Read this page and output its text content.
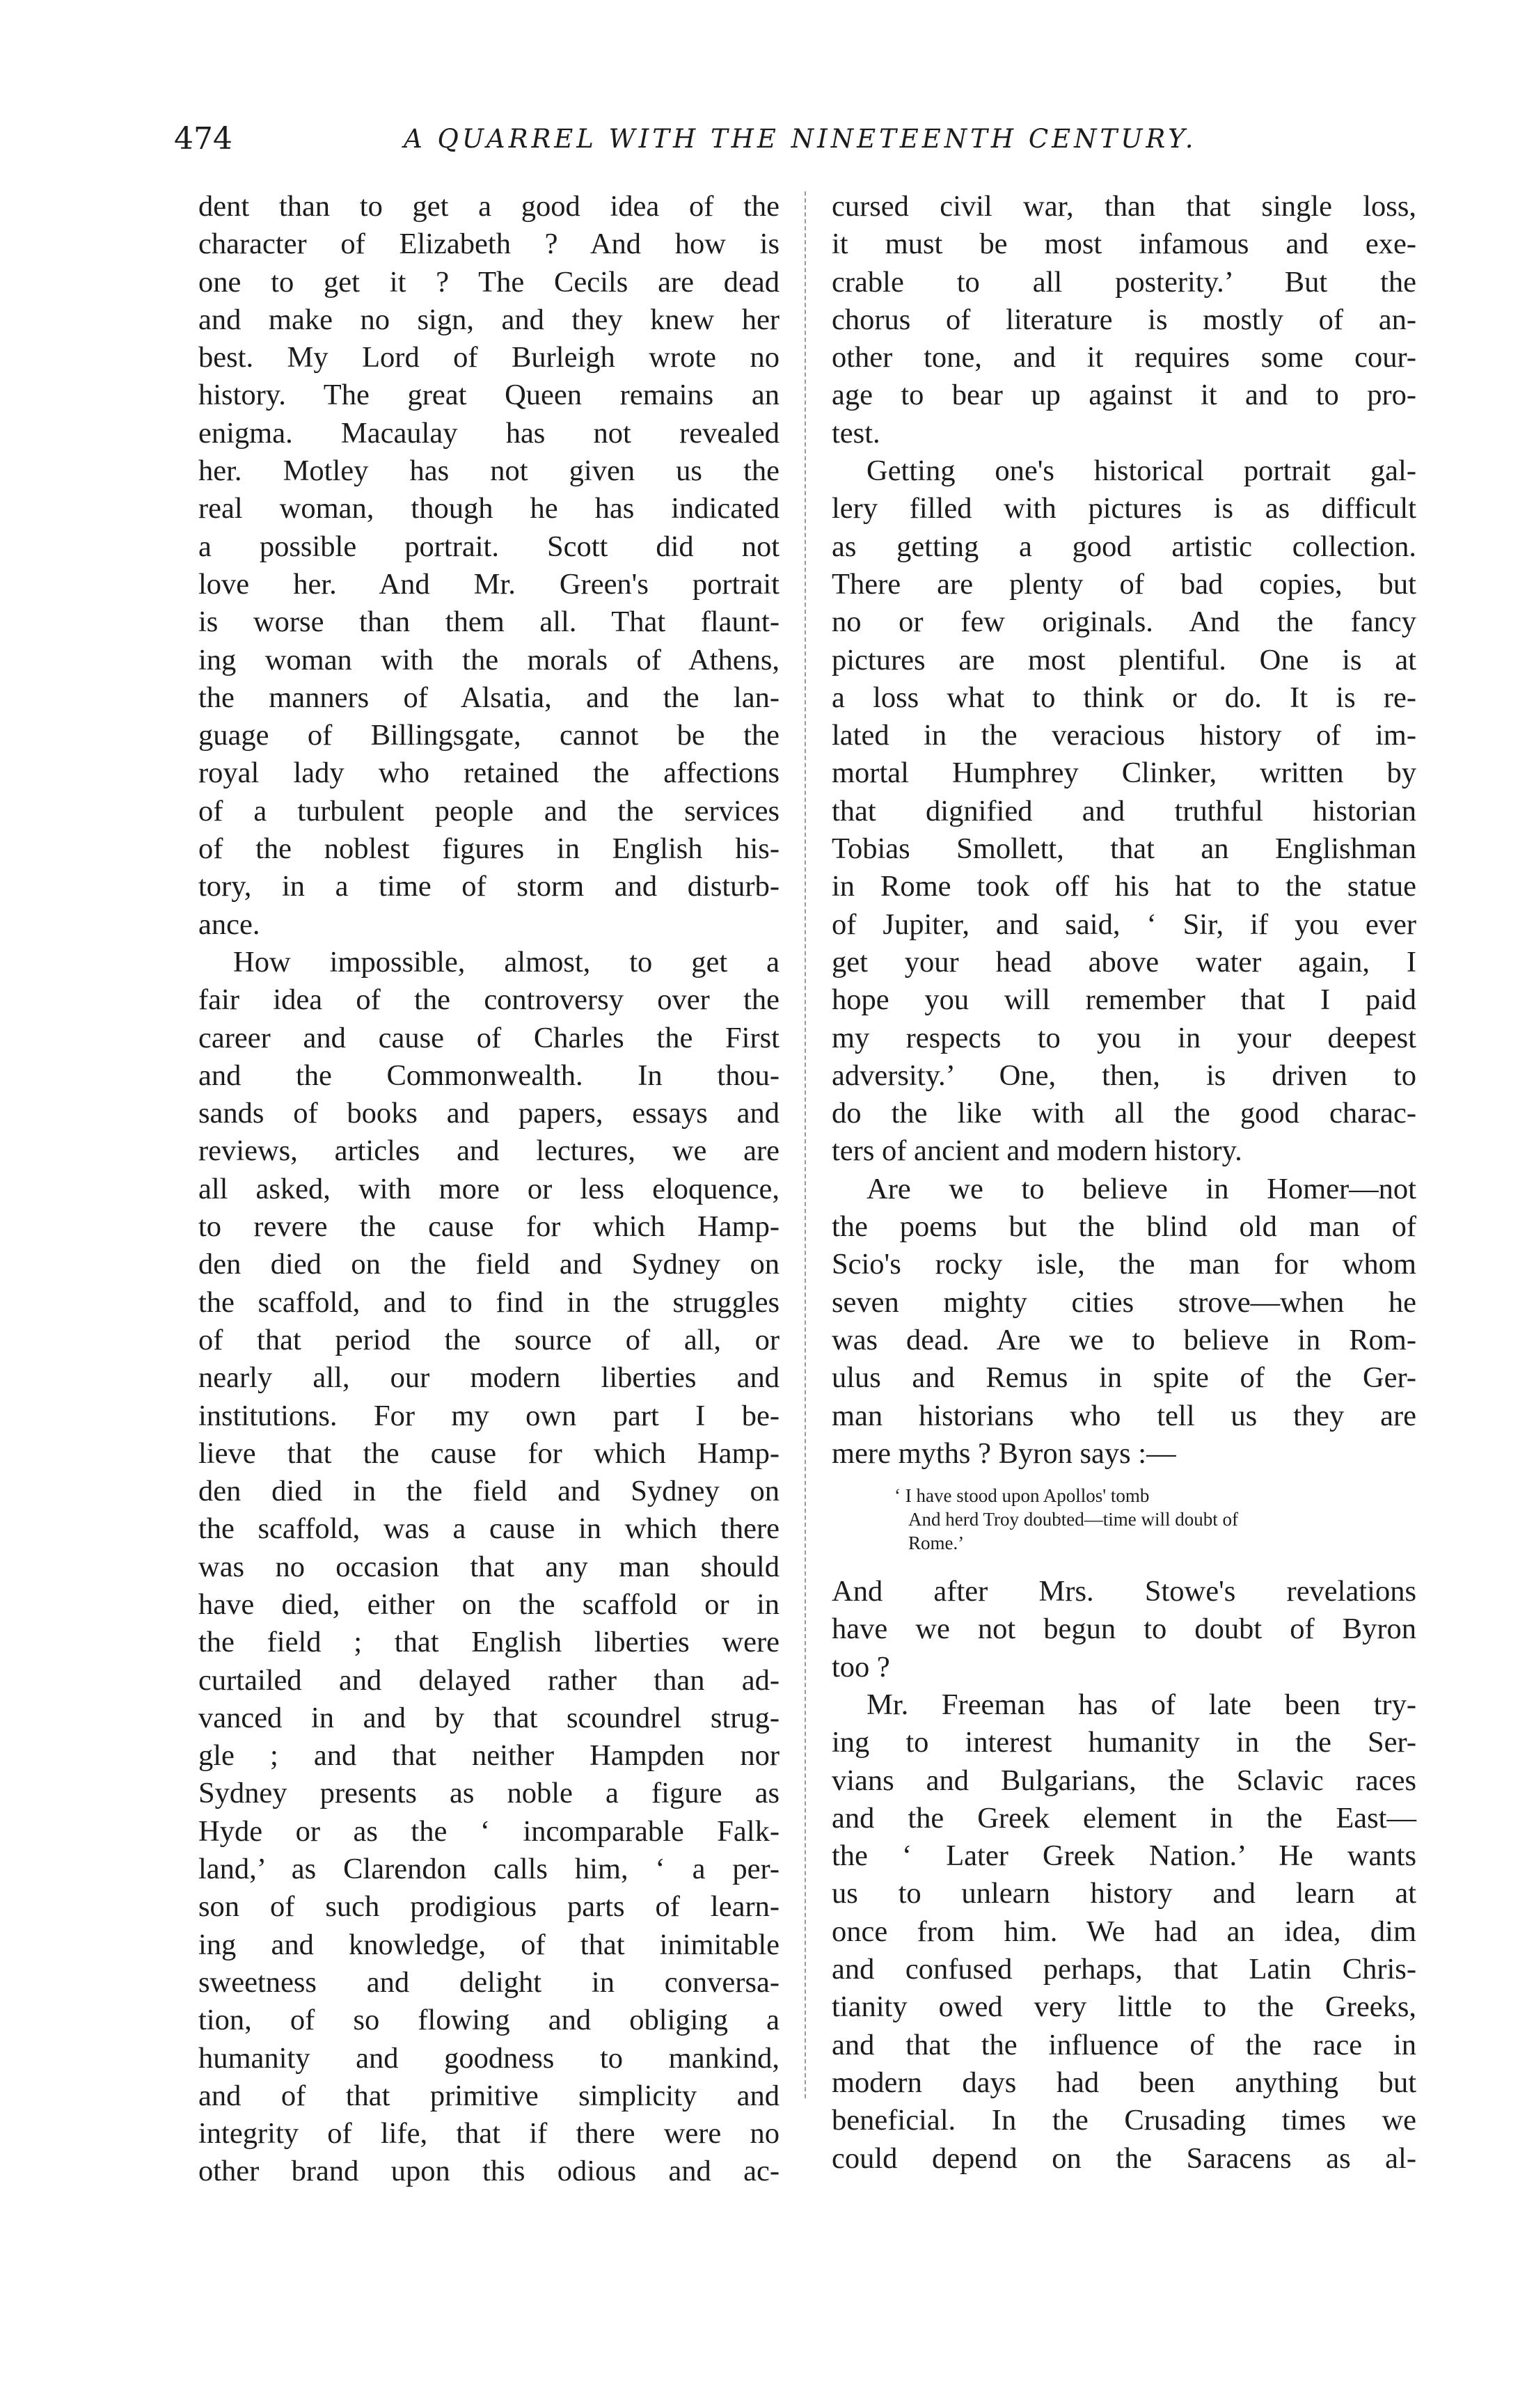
474	A QUARREL WITH THE NINETEENTH CENTURY.
dent than to get a good idea of the
character of Elizabeth ? And how is
one to get it ? The Cecils are dead
and make no sign, and they knew her
best. My Lord of Burleigh wrote no
history. The great Queen remains an
enigma. Macaulay has not revealed
her. Motley has not given us the
real woman, though he has indicated
a possible portrait. Scott did not
love her. And Mr. Green's portrait
is worse than them all. That flaunt-
ing woman with the morals of Athens,
the manners of Alsatia, and the lan-
guage of Billingsgate, cannot be the
royal lady who retained the affections
of a turbulent people and the services
of the noblest figures in English his-
tory, in a time of storm and disturb-
ance.
How impossible, almost, to get a
fair idea of the controversy over the
career and cause of Charles the First
and the Commonwealth. In thou-
sands of books and papers, essays and
reviews, articles and lectures, we are
all asked, with more or less eloquence,
to revere the cause for which Hamp-
den died on the field and Sydney on
the scaffold, and to find in the struggles
of that period the source of all, or
nearly all, our modern liberties and
institutions. For my own part I be-
lieve that the cause for which Hamp-
den died in the field and Sydney on
the scaffold, was a cause in which there
was no occasion that any man should
have died, either on the scaffold or in
the field ; that English liberties were
curtailed and delayed rather than ad-
vanced in and by that scoundrel strug-
gle ; and that neither Hampden nor
Sydney presents as noble a figure as
Hyde or as the ‘ incomparable Falk-
land,’ as Clarendon calls him, ‘ a per-
son of such prodigious parts of learn-
ing and knowledge, of that inimitable
sweetness and delight in conversa-
tion, of so flowing and obliging a
humanity and goodness to mankind,
and of that primitive simplicity and
integrity of life, that if there were no
other brand upon this odious and ac-
cursed civil war, than that single loss,
it must be most infamous and exe-
crable to all posterity.’ But the
chorus of literature is mostly of an-
other tone, and it requires some cour-
age to bear up against it and to pro-
test.
Getting one's historical portrait gal-
lery filled with pictures is as difficult
as getting a good artistic collection.
There are plenty of bad copies, but
no or few originals. And the fancy
pictures are most plentiful. One is at
a loss what to think or do. It is re-
lated in the veracious history of im-
mortal Humphrey Clinker, written by
that dignified and truthful historian
Tobias Smollett, that an Englishman
in Rome took off his hat to the statue
of Jupiter, and said, ‘ Sir, if you ever
get your head above water again, I
hope you will remember that I paid
my respects to you in your deepest
adversity.’ One, then, is driven to
do the like with all the good charac-
ters of ancient and modern history.
Are we to believe in Homer—not
the poems but the blind old man of
Scio's rocky isle, the man for whom
seven mighty cities strove—when he
was dead. Are we to believe in Rom-
ulus and Remus in spite of the Ger-
man historians who tell us they are
mere myths ? Byron says :—
‘ I have stood upon Apollos' tomb
And herd Troy doubted—time will doubt of
Rome.’
And after Mrs. Stowe's revelations
have we not begun to doubt of Byron
too ?
Mr. Freeman has of late been try-
ing to interest humanity in the Ser-
vians and Bulgarians, the Sclavic races
and the Greek element in the East—
the ‘ Later Greek Nation.’ He wants
us to unlearn history and learn at
once from him. We had an idea, dim
and confused perhaps, that Latin Chris-
tianity owed very little to the Greeks,
and that the influence of the race in
modern days had been anything but
beneficial. In the Crusading times we
could depend on the Saracens as al-
